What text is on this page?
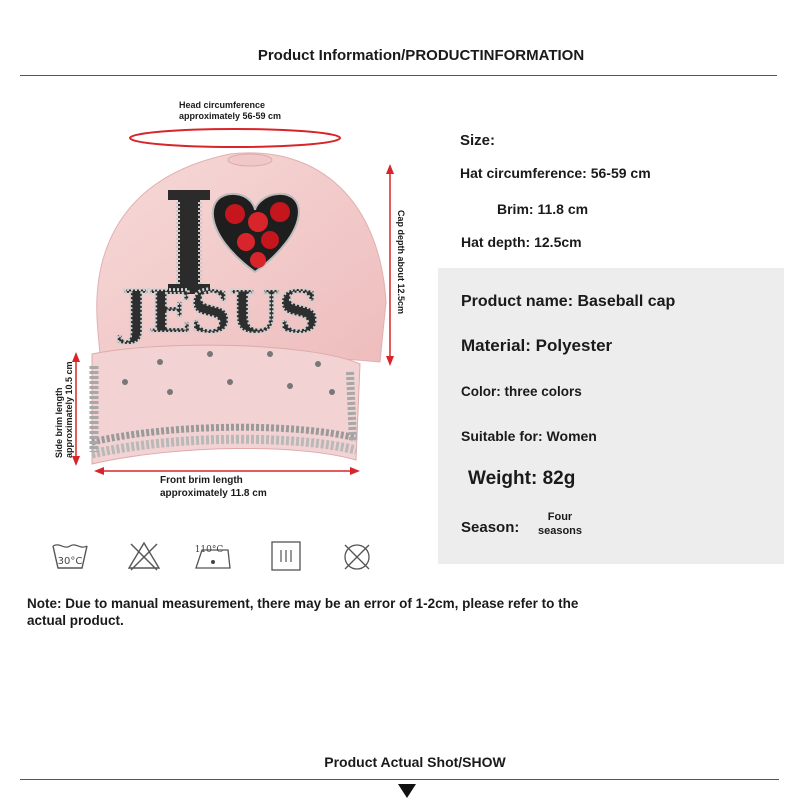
Product Information/PRODUCTINFORMATION
JESUS
Head circumference approximately 56-59 cm
Cap depth about 12.5cm
Side brim length approximately 10.5 cm
Front brim length approximately 11.8 cm
Size:
Hat circumference: 56-59 cm
Brim: 11.8 cm
Hat depth: 12.5cm
Product name: Baseball cap
Material: Polyester
Color: three colors
Suitable for: Women
Weight: 82g
Season:
Four seasons
30°C
110°C
Note: Due to manual measurement, there may be an error of 1-2cm, please refer to the actual product.
Product Actual Shot/SHOW
